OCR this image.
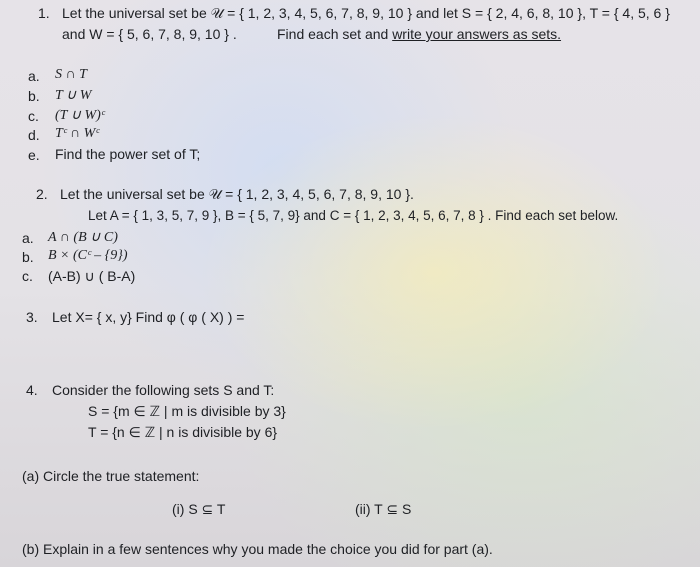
1. Let the universal set be 𝒰 = { 1, 2, 3, 4, 5, 6, 7, 8, 9, 10 } and let S = { 2, 4, 6, 8, 10 }, T = { 4, 5, 6 }
and W = { 5, 6, 7, 8, 9, 10 } .	Find each set and write your answers as sets.
a. S ∩ T
b. T ∪ W
c. (T ∪ W)ᶜ
d. Tᶜ ∩ Wᶜ
e. Find the power set of T;
2. Let the universal set be 𝒰 = { 1, 2, 3, 4, 5, 6, 7, 8, 9, 10 }.
Let A = { 1, 3, 5, 7, 9 }, B = { 5, 7, 9} and C = { 1, 2, 3, 4, 5, 6, 7, 8 } . Find each set below.
a. A ∩ (B ∪ C)
b. B × (Cᶜ – {9})
c. (A-B) ∪ ( B-A)
3. Let X= { x, y} Find φ ( φ ( X) ) =
4. Consider the following sets S and T:
S = {m ∈ ℤ | m is divisible by 3}
T = {n ∈ ℤ | n is divisible by 6}
(a) Circle the true statement:
(i) S ⊆ T	(ii) T ⊆ S
(b) Explain in a few sentences why you made the choice you did for part (a).
